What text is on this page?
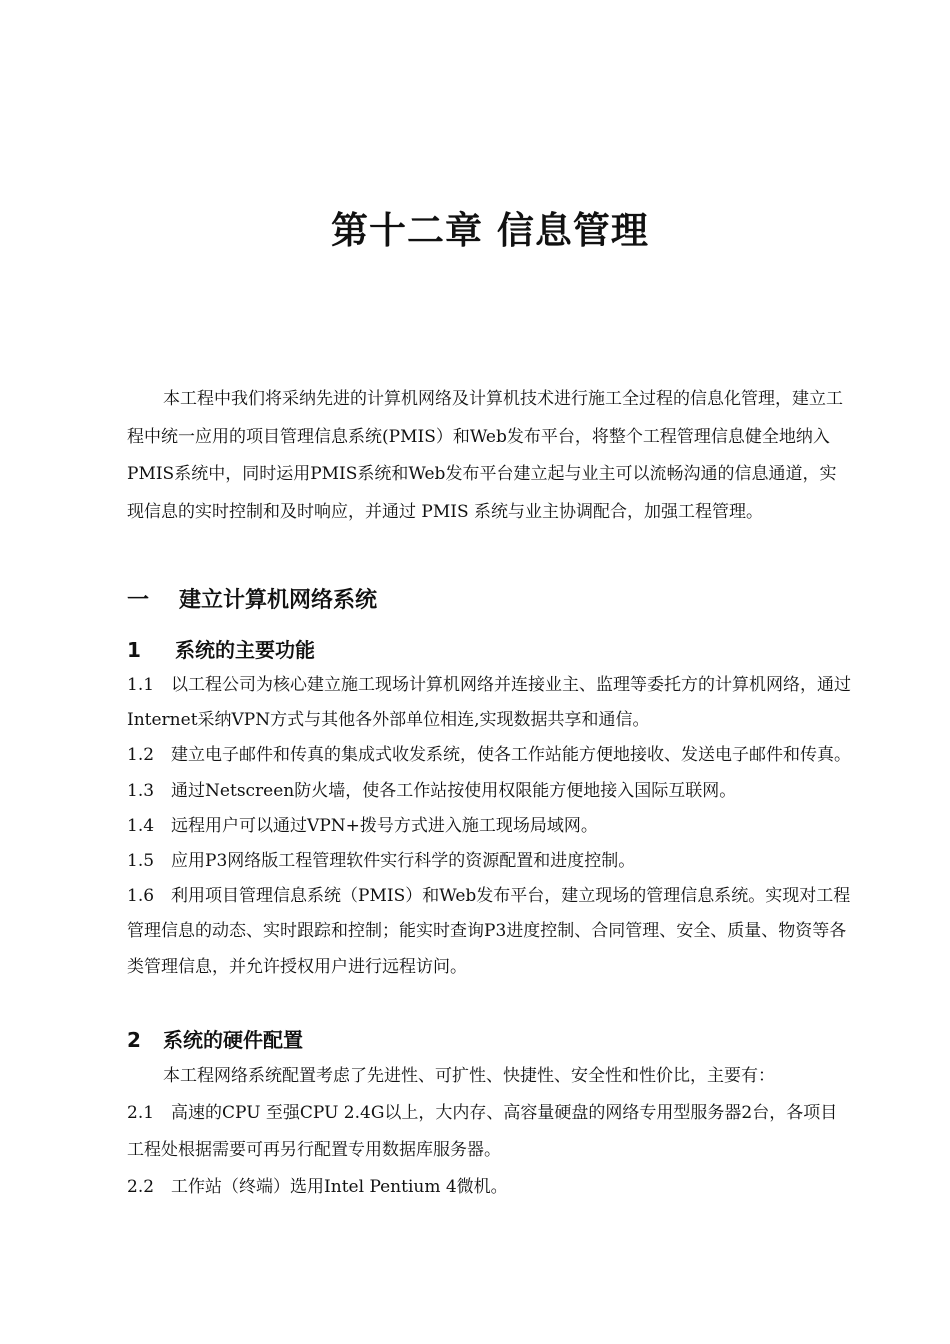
第十二章 信息管理

本工程中我们将采纳先进的计算机网络及计算机技术进行施工全过程的信息化管理，建立工程中统一应用的项目管理信息系统(PMIS）和Web发布平台，将整个工程管理信息健全地纳入PMIS系统中，同时运用PMIS系统和Web发布平台建立起与业主可以流畅沟通的信息通道，实现信息的实时控制和及时响应，并通过 PMIS 系统与业主协调配合，加强工程管理。

一 建立计算机网络系统
1 系统的主要功能

1.1 以工程公司为核心建立施工现场计算机网络并连接业主、监理等委托方的计算机网络，通过Internet采纳VPN方式与其他各外部单位相连,实现数据共享和通信。

1.2 建立电子邮件和传真的集成式收发系统，使各工作站能方便地接收、发送电子邮件和传真。

1.3 通过Netscreen防火墙，使各工作站按使用权限能方便地接入国际互联网。

1.4 远程用户可以通过VPN+拨号方式进入施工现场局域网。

1.5 应用P3网络版工程管理软件实行科学的资源配置和进度控制。

1.6 利用项目管理信息系统（PMIS）和Web发布平台，建立现场的管理信息系统。实现对工程管理信息的动态、实时跟踪和控制；能实时查询P3进度控制、合同管理、安全、质量、物资等各类管理信息，并允许授权用户进行远程访问。

2 系统的硬件配置

本工程网络系统配置考虑了先进性、可扩性、快捷性、安全性和性价比，主要有：

2.1 高速的CPU 至强CPU 2.4G以上，大内存、高容量硬盘的网络专用型服务器2台，各项目工程处根据需要可再另行配置专用数据库服务器。

2.2 工作站（终端）选用Intel Pentium 4微机。
